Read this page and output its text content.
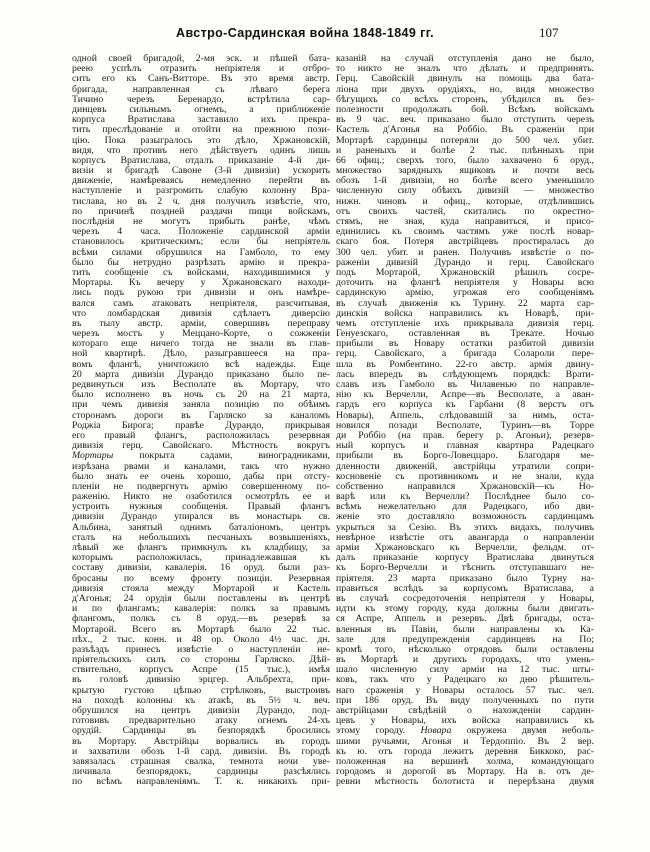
Австро-Сардинская война 1848-1849 гг.	107
одной своей бригадой, 2-мя эск. и пѣшей бата-
реею успѣлъ отразить непріятеля и отбро-
сить его къ Санъ-Витторе. Въ это время австр.
бригада, направленная съ лѣваго берега
Тичино черезъ Беренардо, встрѣтила сар-
динцевъ сильнымъ огнемъ, а приближеніе
корпуса Вратислава заставило ихъ прекра-
тить преслѣдованіе и отойти на прежнюю пози-
цію. Пока разыгралось это дѣло, Хржановскій,
видя, что противъ него дѣйствуетъ одинъ лишь
корпусъ Вратислава, отдалъ приказаніе 4-й ди-
визіи и бригадѣ Савоне (3-й дивизіи) ускорить
движеніе, намѣреваясь немедленно перейти въ
наступленіе и разгромить слабую колонну Вра-
тислава, но въ 2 ч. дня получилъ извѣстіе, что,
по причинѣ поздней раздачи пищи войскамъ,
послѣднія не могутъ прибыть ранѣе, чѣмъ
черезъ 4 часа. Положеніе сардинской арміи
становилось критическимъ; если бы непріятель
всѣми силами обрушился на Гамболо, то ему
было бы нетрудно разрѣзать армію и прекра-
тить сообщеніе съ войсками, находившимися у
Мортары. Къ вечеру у Хржановскаго находи-
лись подъ рукою три дивизіи и онъ намѣре-
вался самъ атаковать непріятеля, разсчитывая,
что ломбардская дивизія сдѣлаетъ диверсію
въ тылу австр. арміи, совершивъ переправу
черезъ мостъ у Меццано-Корте, о сожженіи
котораго еще ничего тогда не знали въ глав-
ной квартирѣ. Дѣло, разыгравшееся на пра-
вомъ флангѣ, уничтожило всѣ надежды. Еще
20 марта дивизіи Дурандо приказано было пе-
редвинуться изъ Весполате въ Мортару, что
было исполнено въ ночь съ 20 на 21 марта,
при чемъ дивизія заняла позицію по обѣимъ
сторонамъ дороги въ Гарляско за каналомъ
Роджіа Бирога; правѣе Дурандо, прикрывая
его правый флангъ, расположилась резервная
дивизія герц. Савойскаго. Мѣстность вокругъ
Мортары покрыта садами, виноградниками,
изрѣзана рвами и каналами, такъ что нужно
было знать ее очень хорошо, дабы при отсту-
пленіи не подвергнуть армію совершенному по-
раженію. Никто не озаботился осмотрѣть ее и
устроить нужныя сообщенія. Правый флангъ
дивизіи Дурандо упирался въ монастырь св.
Альбина, занятый однимъ баталіономъ, центръ
сталъ на небольшихъ песчаныхъ возвышеніяхъ,
лѣвый же флангъ примкнулъ къ кладбищу, за
которымъ расположилась, принадлежавшая къ
составу дивизіи, кавалерія. 16 оруд. были раз-
бросаны по всему фронту позиціи. Резервная
дивизія стояла между Мортарой и Кастель
д'Агонья; 24 орудія были поставлены въ центрѣ
и по флангамъ; кавалерія: полкъ за правымъ
флангомъ, полкъ съ 8 оруд.—въ резервѣ за
Мортарой. Всего въ Мортарѣ было 22 тыс.
пѣх., 2 тыс. конн. и 48 ор. Около 4½ час. дн.
разъѣздъ принесъ извѣстіе о наступленіи не-
пріятельскихъ силъ со стороны Гарляско. Дѣй-
ствительно, корпусъ Аспре (15 тыс.), имѣя
въ головѣ дивизію эрцгер. Альбрехта, при-
крытую густою цѣпью стрѣлковъ, выстроивъ
на походѣ колонны къ атакѣ, въ 5½ ч. веч.
обрушился на центръ дивизіи Дурандо, под-
готовивъ предварительно атаку огнемъ 24-хъ
орудій. Сардинцы въ безпорядкѣ бросились
въ Мортару. Австрійцы ворвались въ городъ
и захватили обозъ 1-й сард. дивизіи. Въ городѣ
завязалась страшная свалка, темнота ночи уве-
личивала безпорядокъ, сардинцы разсѣялись
по всѣмъ направленіямъ. Т. к. никакихъ при-
казаній на случай отступленія дано не было,
то никто не зналъ что дѣлать и предпринять.
Герц. Савойскій двинулъ на помощь два бата-
ліона при двухъ орудіяхъ, но, видя множество
бѣгущихъ со всѣхъ сторонъ, убѣдился въ без-
полезности продолжать бой. Всѣмъ войскамъ
въ 9 час. веч. приказано было отступить черезъ
Кастель д'Агонья на Роббіо. Въ сраженіи при
Мортарѣ сардинцы потеряли до 500 чел. убит.
и раненыхъ и болѣе 2 тыс. плѣнныхъ при
66 офиц.; сверхъ того, было захвачено 6 оруд.,
множество зарядныхъ ящиковъ и почти весь
обозъ 1-й дивизіи, но болѣе всего уменьшило
численную силу обѣихъ дивизій — множество
нижн. чиновъ и офиц., которые, отдѣлившись
отъ своихъ частей, скитались по окрестно-
стямъ, не зная, куда направиться, и присо-
единились къ своимъ частямъ уже послѣ новар-
скаго боя. Потеря австрійцевъ простиралась до
300 чел. убит. и ранен. Получивъ извѣстіе о по-
раженіи дивизій Дурандо и герц. Савойскаго
подъ Мортарой, Хржановскій рѣшилъ сосре-
доточить на флангѣ непріятеля у Новары всю
сардинскую армію, угрожая его сообщеніямъ
въ случаѣ движенія къ Турину. 22 марта сар-
динскія войска направились къ Новарѣ, при-
чемъ отступленіе ихъ прикрывала дивизія герц.
Генуезскаго, оставленная въ Трекате. Ночью
прибыли въ Новару остатки разбитой дивизіи
герц. Савойскаго, а бригада Солароли пере-
шла въ Ромбентино. 22-го австр. армія двину-
лась впередъ въ слѣдующемъ порядкѣ: Врати-
славъ изъ Гамболо въ Чилавенью по направле-
нію къ Верчелли, Аспре—въ Весполате, а аван-
гардъ его корпуса къ Гарбани (8 верстъ отъ
Новары), Аппель, слѣдовавшій за нимъ, оста-
новился позади Весполате, Туринъ—въ Торре
ди Роббіо (на прав. берегу р. Агоньи), резерв-
ный корпусъ и главная квартира Радецкаго
прибыли въ Борго-Ловеццаро. Благодаря ме-
дленности движеній, австрійцы утратили сопри-
косновеніе съ противникомъ и не знали, куда
собственно направился Хржановскій—къ Но-
варѣ или къ Верчелли? Послѣднее было со-
всѣмъ нежелательно для Радецкаго, ибо дви-
женіе это доставляло возможность сардинцамъ
укрыться за Сезію. Въ этихъ видахъ, получивъ
невѣрное извѣстіе отъ авангарда о направленіи
арміи Хржановскаго къ Верчелли, фельдм. от-
далъ приказаніе корпусу Вратислава двинуться
къ Борго-Верчелли и тѣснить отступавшаго не-
пріятеля. 23 марта приказано было Турну на-
правиться вслѣдъ за корпусомъ Вратислава, а
въ случаѣ сосредоточенія непріятеля у Новары,
идти къ этому городу, куда должны были двигать-
ся Аспре, Аппель и резервъ. Двѣ бригады, оста-
вленныя въ Павіи, были направлены къ Ка-
зале для предупрежденія сардинцевъ на По;
кромѣ того, нѣсколько отрядовъ были оставлены
въ Мортарѣ и другихъ городахъ, что умень-
шало численную силу арміи на 12 тыс. шты-
ковъ, такъ что у Радецкаго ко дню рѣшитель-
наго сраженія у Новары осталось 57 тыс. чел.
при 186 оруд. Въ виду полученныхъ по пути
австрійцами свѣдѣній о нахожденіи сардин-
цевъ у Новары, ихъ войска направились къ
этому городу. Новара окружена двумя неболь-
шими ручьями, Агонья и Тердоппіо. Въ 2 вер.
къ ю. отъ города лежитъ деревня Биккоко, рас-
положенная на вершинѣ холма, командующаго
городомъ и дорогой въ Мортару. На в. отъ де-
ревни мѣстность болотиста и перерѣзана двумя
